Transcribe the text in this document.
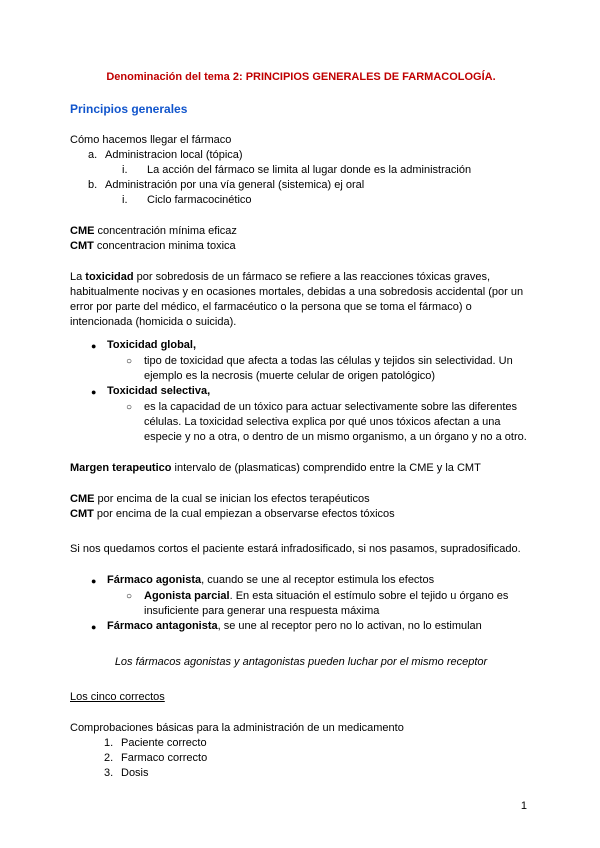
Denominación del tema 2: PRINCIPIOS GENERALES DE FARMACOLOGÍA.
Principios generales

Cómo hacemos llegar el fármaco

a. Administracion local (tópica)
i.	La acción del fármaco se limita al lugar donde es la administración
b. Administración por una vía general (sistemica) ej oral
i.	Ciclo farmacocinético

CME concentración mínima eficaz

CMT concentracion minima toxica

La toxicidad por sobredosis de un fármaco se refiere a las reacciones tóxicas graves, habitualmente nocivas y en ocasiones mortales, debidas a una sobredosis accidental (por un error por parte del médico, el farmacéutico o la persona que se toma el fármaco) o intencionada (homicida o suicida).

● Toxicidad global,
○	tipo de toxicidad que afecta a todas las células y tejidos sin selectividad. Un ejemplo es la necrosis (muerte celular de origen patológico)
● Toxicidad selectiva,
○	es la capacidad de un tóxico para actuar selectivamente sobre las diferentes células. La toxicidad selectiva explica por qué unos tóxicos afectan a una especie y no a otra, o dentro de un mismo organismo, a un órgano y no a otro.

Margen terapeutico intervalo de (plasmaticas) comprendido entre la CME y la CMT

CME por encima de la cual se inician los efectos terapéuticos

CMT por encima de la cual empiezan a observarse efectos tóxicos

Si nos quedamos cortos el paciente estará infradosificado, si nos pasamos, supradosificado.

● Fármaco agonista, cuando se une al receptor estimula los efectos
○	Agonista parcial. En esta situación el estímulo sobre el tejido u órgano es insuficiente para generar una respuesta máxima
● Fármaco antagonista, se une al receptor pero no lo activan, no lo estimulan

Los fármacos agonistas y antagonistas pueden luchar por el mismo receptor

Los cinco correctos

Comprobaciones básicas para la administración de un medicamento

1. Paciente correcto
2. Farmaco correcto
3. Dosis
1
